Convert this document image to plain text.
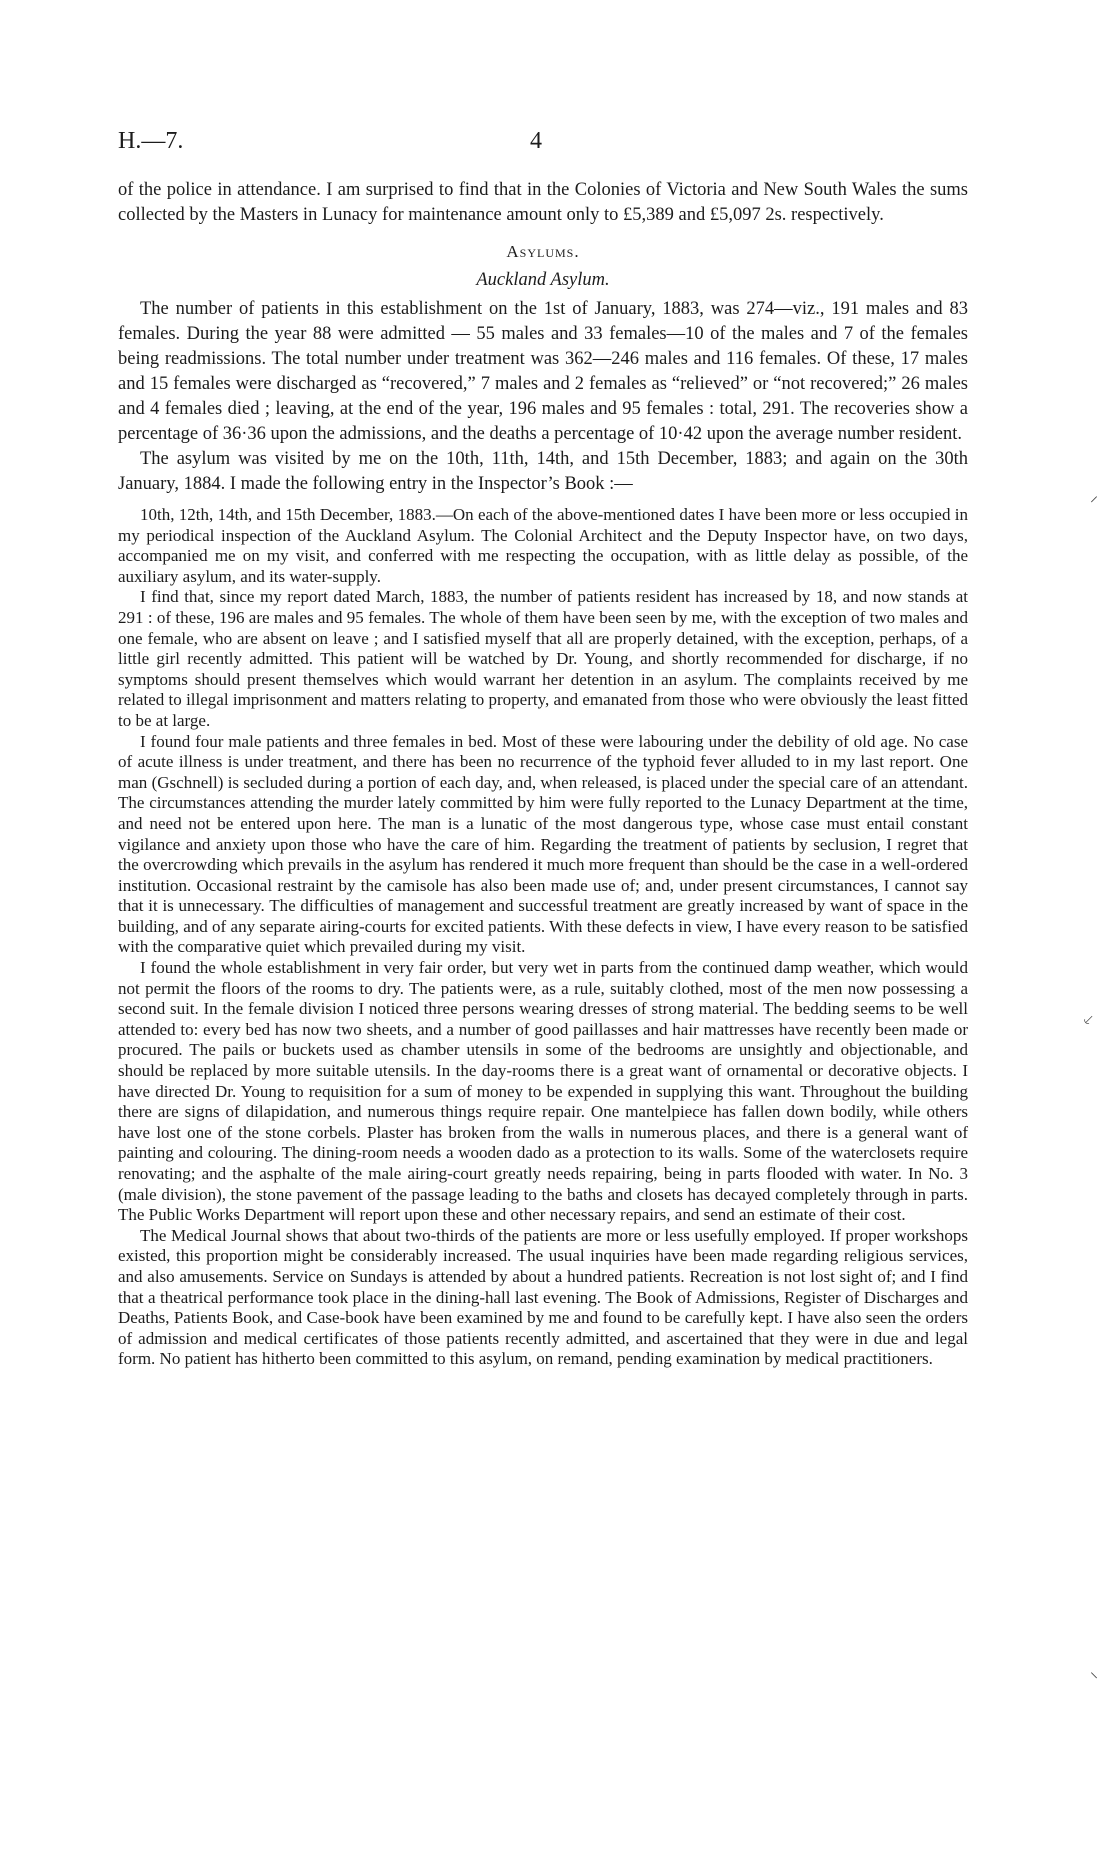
H.—7.	4

of the police in attendance. I am surprised to find that in the Colonies of Victoria and New South Wales the sums collected by the Masters in Lunacy for maintenance amount only to £5,389 and £5,097 2s. respectively.

Asylums.
Auckland Asylum.

The number of patients in this establishment on the 1st of January, 1883, was 274—viz., 191 males and 83 females. During the year 88 were admitted — 55 males and 33 females—10 of the males and 7 of the females being readmissions. The total number under treatment was 362—246 males and 116 females. Of these, 17 males and 15 females were discharged as “recovered,” 7 males and 2 females as “relieved” or “not recovered;” 26 males and 4 females died ; leaving, at the end of the year, 196 males and 95 females : total, 291. The recoveries show a percentage of 36·36 upon the admissions, and the deaths a percentage of 10·42 upon the average number resident.

The asylum was visited by me on the 10th, 11th, 14th, and 15th December, 1883; and again on the 30th January, 1884. I made the following entry in the Inspector’s Book :—

10th, 12th, 14th, and 15th December, 1883.—On each of the above-mentioned dates I have been more or less occupied in my periodical inspection of the Auckland Asylum. The Colonial Architect and the Deputy Inspector have, on two days, accompanied me on my visit, and conferred with me respecting the occupation, with as little delay as possible, of the auxiliary asylum, and its water-supply.

I find that, since my report dated March, 1883, the number of patients resident has increased by 18, and now stands at 291 : of these, 196 are males and 95 females. The whole of them have been seen by me, with the exception of two males and one female, who are absent on leave ; and I satisfied myself that all are properly detained, with the exception, perhaps, of a little girl recently admitted. This patient will be watched by Dr. Young, and shortly recommended for discharge, if no symptoms should present themselves which would warrant her detention in an asylum. The complaints received by me related to illegal imprisonment and matters relating to property, and emanated from those who were obviously the least fitted to be at large.

I found four male patients and three females in bed. Most of these were labouring under the debility of old age. No case of acute illness is under treatment, and there has been no recurrence of the typhoid fever alluded to in my last report. One man (Gschnell) is secluded during a portion of each day, and, when released, is placed under the special care of an attendant. The circumstances attending the murder lately committed by him were fully reported to the Lunacy Department at the time, and need not be entered upon here. The man is a lunatic of the most dangerous type, whose case must entail constant vigilance and anxiety upon those who have the care of him. Regarding the treatment of patients by seclusion, I regret that the overcrowding which prevails in the asylum has rendered it much more frequent than should be the case in a well-ordered institution. Occasional restraint by the camisole has also been made use of; and, under present circumstances, I cannot say that it is unnecessary. The difficulties of management and successful treatment are greatly increased by want of space in the building, and of any separate airing-courts for excited patients. With these defects in view, I have every reason to be satisfied with the comparative quiet which prevailed during my visit.

I found the whole establishment in very fair order, but very wet in parts from the continued damp weather, which would not permit the floors of the rooms to dry. The patients were, as a rule, suitably clothed, most of the men now possessing a second suit. In the female division I noticed three persons wearing dresses of strong material. The bedding seems to be well attended to: every bed has now two sheets, and a number of good paillasses and hair mattresses have recently been made or procured. The pails or buckets used as chamber utensils in some of the bedrooms are unsightly and objectionable, and should be replaced by more suitable utensils. In the day-rooms there is a great want of ornamental or decorative objects. I have directed Dr. Young to requisition for a sum of money to be expended in supplying this want. Throughout the building there are signs of dilapidation, and numerous things require repair. One mantelpiece has fallen down bodily, while others have lost one of the stone corbels. Plaster has broken from the walls in numerous places, and there is a general want of painting and colouring. The dining-room needs a wooden dado as a protection to its walls. Some of the waterclosets require renovating; and the asphalte of the male airing-court greatly needs repairing, being in parts flooded with water. In No. 3 (male division), the stone pavement of the passage leading to the baths and closets has decayed completely through in parts. The Public Works Department will report upon these and other necessary repairs, and send an estimate of their cost.

The Medical Journal shows that about two-thirds of the patients are more or less usefully employed. If proper workshops existed, this proportion might be considerably increased. The usual inquiries have been made regarding religious services, and also amusements. Service on Sundays is attended by about a hundred patients. Recreation is not lost sight of; and I find that a theatrical performance took place in the dining-hall last evening. The Book of Admissions, Register of Discharges and Deaths, Patients Book, and Case-book have been examined by me and found to be carefully kept. I have also seen the orders of admission and medical certificates of those patients recently admitted, and ascertained that they were in due and legal form. No patient has hitherto been committed to this asylum, on remand, pending examination by medical practitioners.

⸝
⸔
⸜
